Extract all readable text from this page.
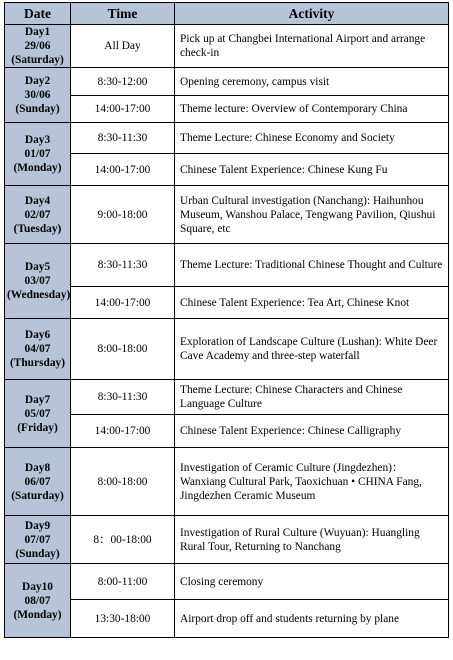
Date	Time	Activity

Day1
29/06
(Saturday)	All Day	Pick up at Changbei International Airport and arrange check-in

Day2
30/06
(Sunday)	8:30-12:00	Opening ceremony, campus visit
	14:00-17:00	Theme lecture: Overview of Contemporary China

Day3
01/07
(Monday)	8:30-11:30	Theme Lecture: Chinese Economy and Society
	14:00-17:00	Chinese Talent Experience: Chinese Kung Fu

Day4
02/07
(Tuesday)	9:00-18:00	Urban Cultural investigation (Nanchang): Haihunhou Museum, Wanshou Palace, Tengwang Pavilion, Qiushui Square, etc

Day5
03/07
(Wednesday)	8:30-11:30	Theme Lecture: Traditional Chinese Thought and Culture
	14:00-17:00	Chinese Talent Experience: Tea Art, Chinese Knot

Day6
04/07
(Thursday)	8:00-18:00	Exploration of Landscape Culture (Lushan): White Deer Cave Academy and three-step waterfall

Day7
05/07
(Friday)	8:30-11:30	Theme Lecture: Chinese Characters and Chinese Language Culture
	14:00-17:00	Chinese Talent Experience: Chinese Calligraphy

Day8
06/07
(Saturday)	8:00-18:00	Investigation of Ceramic Culture (Jingdezhen)：Wanxiang Cultural Park, Taoxichuan • CHINA Fang, Jingdezhen Ceramic Museum

Day9
07/07
(Sunday)	8：00-18:00	Investigation of Rural Culture (Wuyuan): Huangling Rural Tour, Returning to Nanchang

Day10
08/07
(Monday)	8:00-11:00	Closing ceremony
	13:30-18:00	Airport drop off and students returning by plane
